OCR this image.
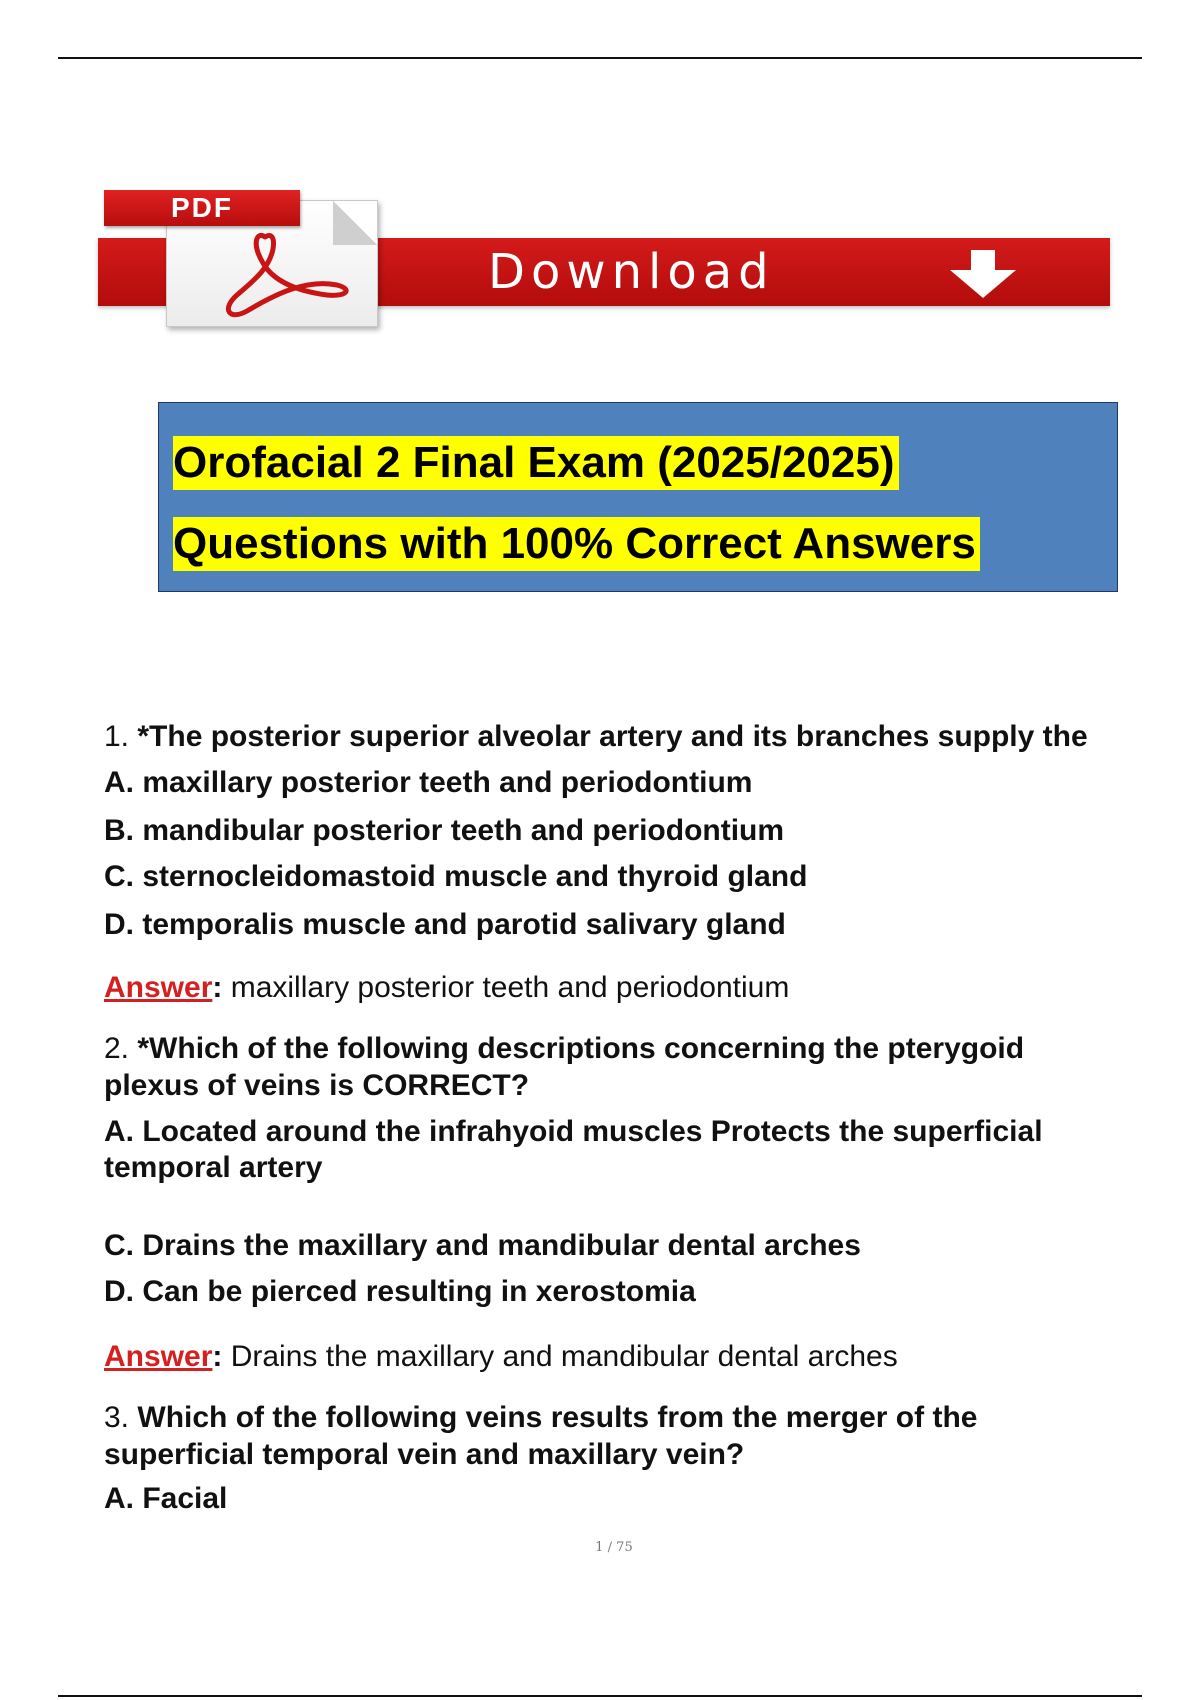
PDF
Download
Orofacial 2 Final Exam (2025/2025)
Questions with 100% Correct Answers

1. *The posterior superior alveolar artery and its branches supply the

A. maxillary posterior teeth and periodontium

B. mandibular posterior teeth and periodontium

C. sternocleidomastoid muscle and thyroid gland

D. temporalis muscle and parotid salivary gland

Answer: maxillary posterior teeth and periodontium

2. *Which of the following descriptions concerning the pterygoid

plexus of veins is CORRECT?

A. Located around the infrahyoid muscles Protects the superficial

temporal artery

C. Drains the maxillary and mandibular dental arches

D. Can be pierced resulting in xerostomia

Answer: Drains the maxillary and mandibular dental arches

3. Which of the following veins results from the merger of the

superficial temporal vein and maxillary vein?

A. Facial

1 / 75
